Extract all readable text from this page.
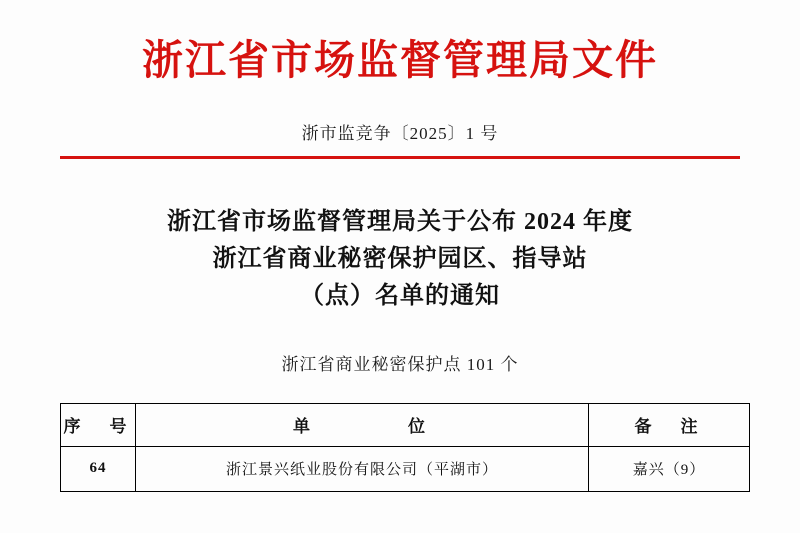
浙江省市场监督管理局文件
浙市监竞争〔2025〕1 号
浙江省市场监督管理局关于公布 2024 年度
浙江省商业秘密保护园区、指导站
（点）名单的通知
浙江省商业秘密保护点 101 个
序　号	单　　　　位	备　注
64	浙江景兴纸业股份有限公司（平湖市）	嘉兴（9）
